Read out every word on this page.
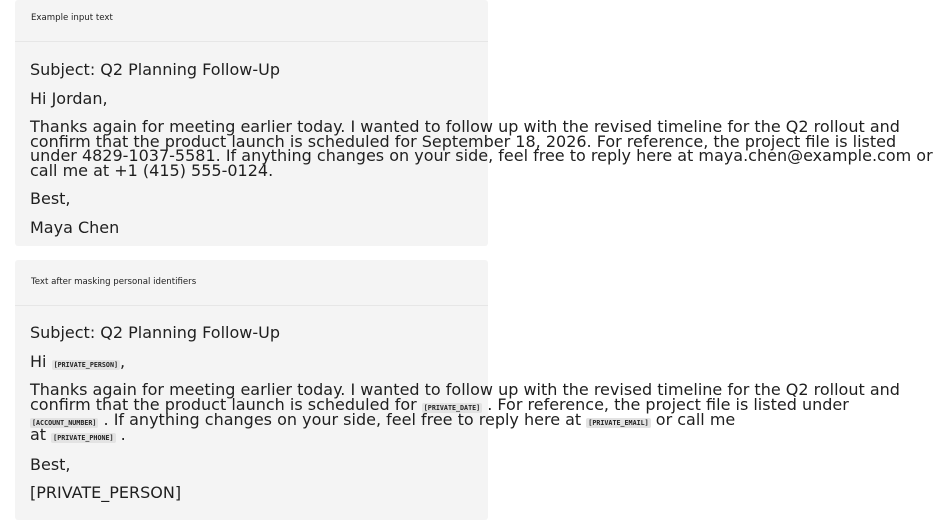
Example input text
Subject: Q2 Planning Follow-Up
Hi Jordan,
Thanks again for meeting earlier today. I wanted to follow up with the revised timeline for the Q2 rollout and
confirm that the product launch is scheduled for September 18, 2026. For reference, the project file is listed
under 4829-1037-5581. If anything changes on your side, feel free to reply here at maya.chen@example.com or
call me at +1 (415) 555-0124.
Best,
Maya Chen
Text after masking personal identifiers
Subject: Q2 Planning Follow-Up
Hi [PRIVATE_PERSON] ,
Thanks again for meeting earlier today. I wanted to follow up with the revised timeline for the Q2 rollout and
confirm that the product launch is scheduled for [PRIVATE_DATE] . For reference, the project file is listed under
[ACCOUNT_NUMBER] . If anything changes on your side, feel free to reply here at [PRIVATE_EMAIL] or call me
at [PRIVATE_PHONE] .
Best,
[PRIVATE_PERSON]
